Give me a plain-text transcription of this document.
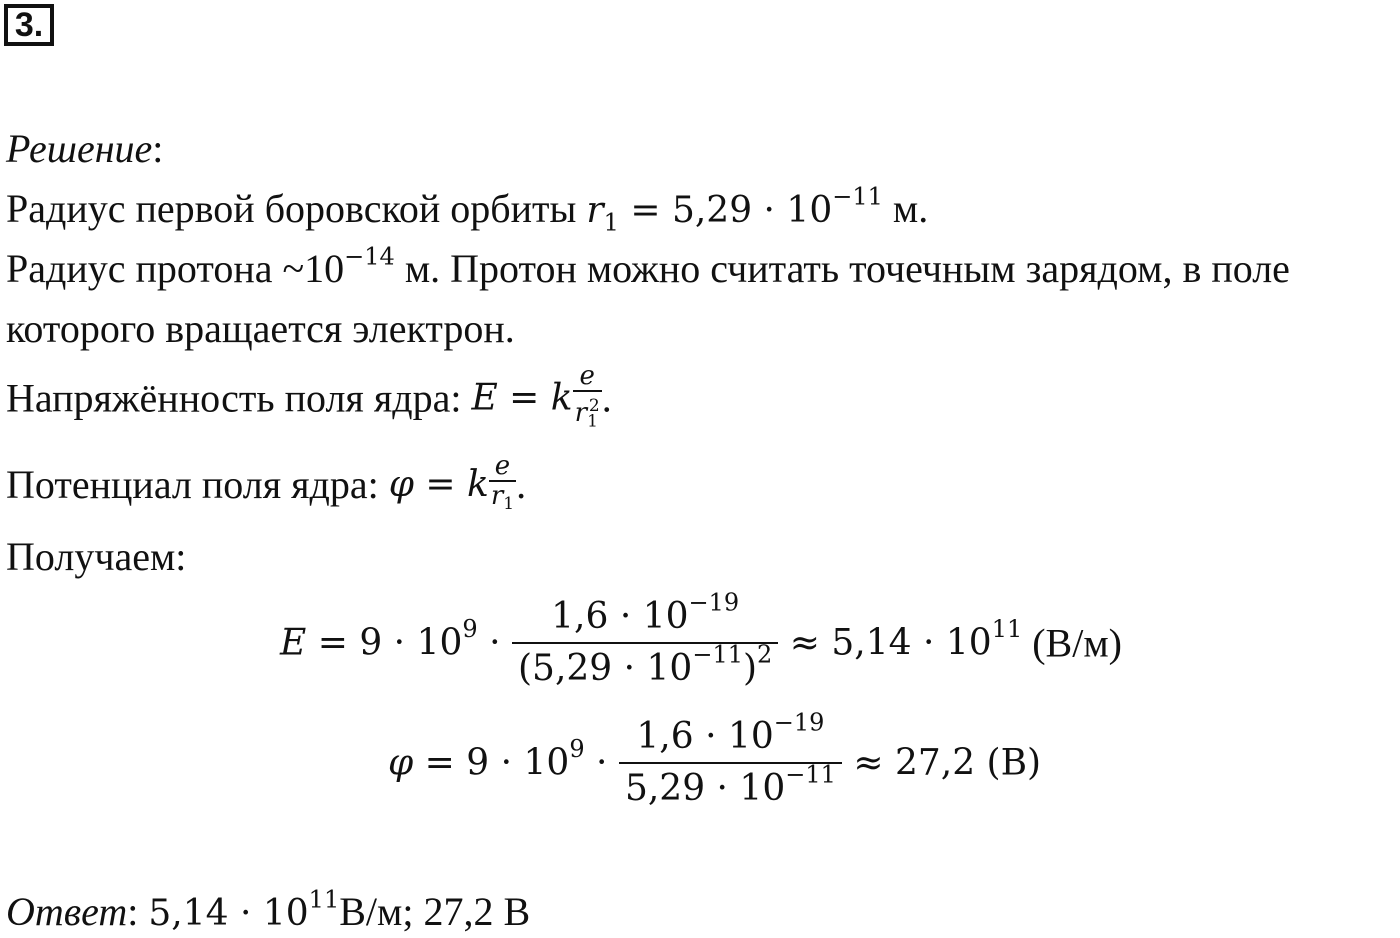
3.
Решение:
Радиус первой боровской орбиты $r_1 = 5,29 \cdot 10^{-11}$ м.
Радиус протона $\sim 10^{-14}$ м. Протон можно считать точечным зарядом, в поле
которого вращается электрон.
Напряжённость поля ядра: E = k $\frac{e}{r1^2}$ .
Потенциал поля ядра: φ = k $\frac{e}{r1}$ .
Получаем:
$E = 9 \cdot 109 \cdot \frac{1,6 \cdot 10^{-19}}{(5,29 \cdot 10^{-11})^2} \approx 5,14 \cdot 1011$ (В/м)
$\varphi = 9 \cdot 109 \cdot \frac{1,6 \cdot 10^{-19}}{5,29 \cdot 10^{-11}} \approx 27,2$ (В)
Ответ: $5,14 \cdot 10^{11}В/м$; 27,2 В
